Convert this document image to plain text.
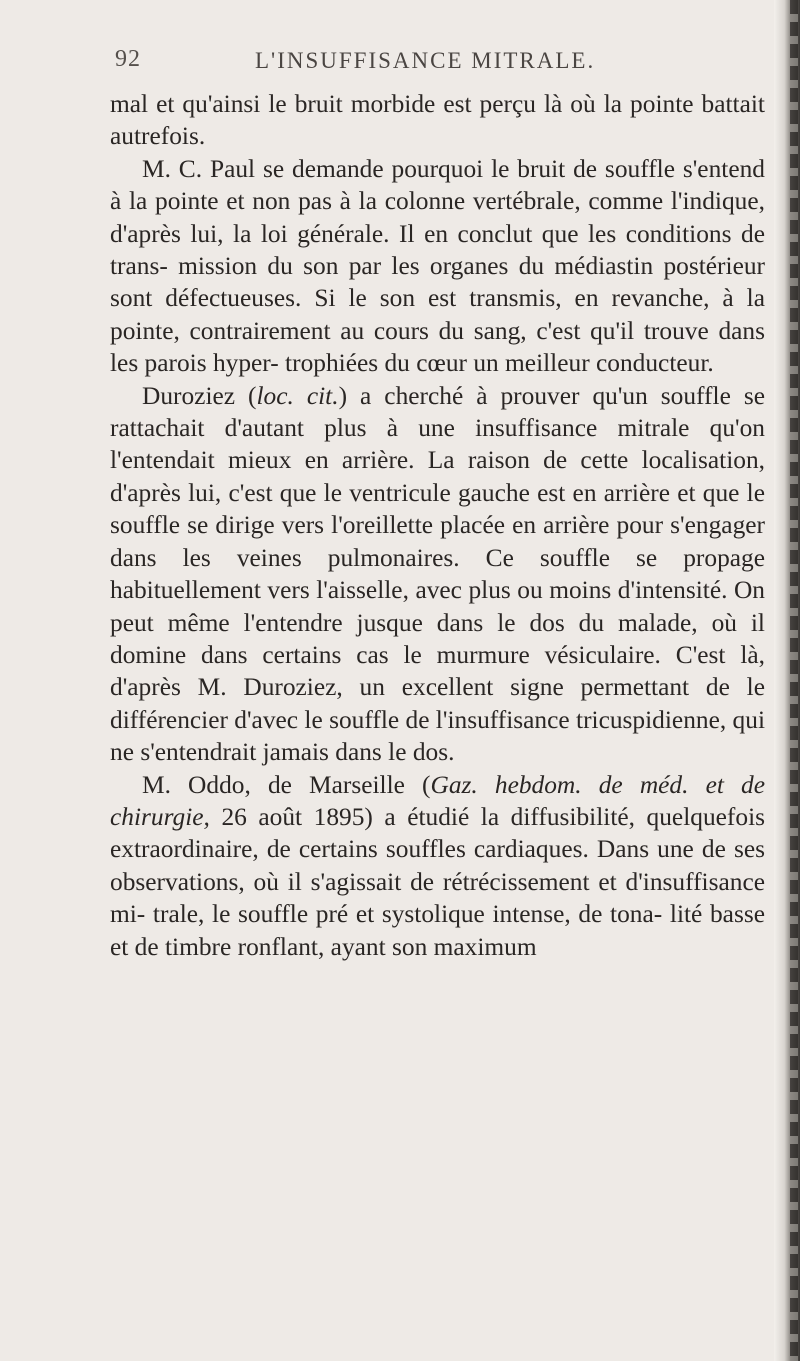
92	L'INSUFFISANCE MITRALE.

mal et qu'ainsi le bruit morbide est perçu là où la pointe battait autrefois.

M. C. Paul se demande pourquoi le bruit de souffle s'entend à la pointe et non pas à la colonne vertébrale, comme l'indique, d'après lui, la loi générale. Il en conclut que les conditions de trans- mission du son par les organes du médiastin postérieur sont défectueuses. Si le son est transmis, en revanche, à la pointe, contrairement au cours du sang, c'est qu'il trouve dans les parois hyper- trophiées du cœur un meilleur conducteur.

Duroziez (loc. cit.) a cherché à prouver qu'un souffle se rattachait d'autant plus à une insuffisance mitrale qu'on l'entendait mieux en arrière. La raison de cette localisation, d'après lui, c'est que le ventricule gauche est en arrière et que le souffle se dirige vers l'oreillette placée en arrière pour s'engager dans les veines pulmonaires. Ce souffle se propage habituellement vers l'aisselle, avec plus ou moins d'intensité. On peut même l'entendre jusque dans le dos du malade, où il domine dans certains cas le murmure vésiculaire. C'est là, d'après M. Duroziez, un excellent signe permettant de le différencier d'avec le souffle de l'insuffisance tricuspidienne, qui ne s'entendrait jamais dans le dos.

M. Oddo, de Marseille (Gaz. hebdom. de méd. et de chirurgie, 26 août 1895) a étudié la diffusibilité, quelquefois extraordinaire, de certains souffles cardiaques. Dans une de ses observations, où il s'agissait de rétrécissement et d'insuffisance mi- trale, le souffle pré et systolique intense, de tona- lité basse et de timbre ronflant, ayant son maximum
